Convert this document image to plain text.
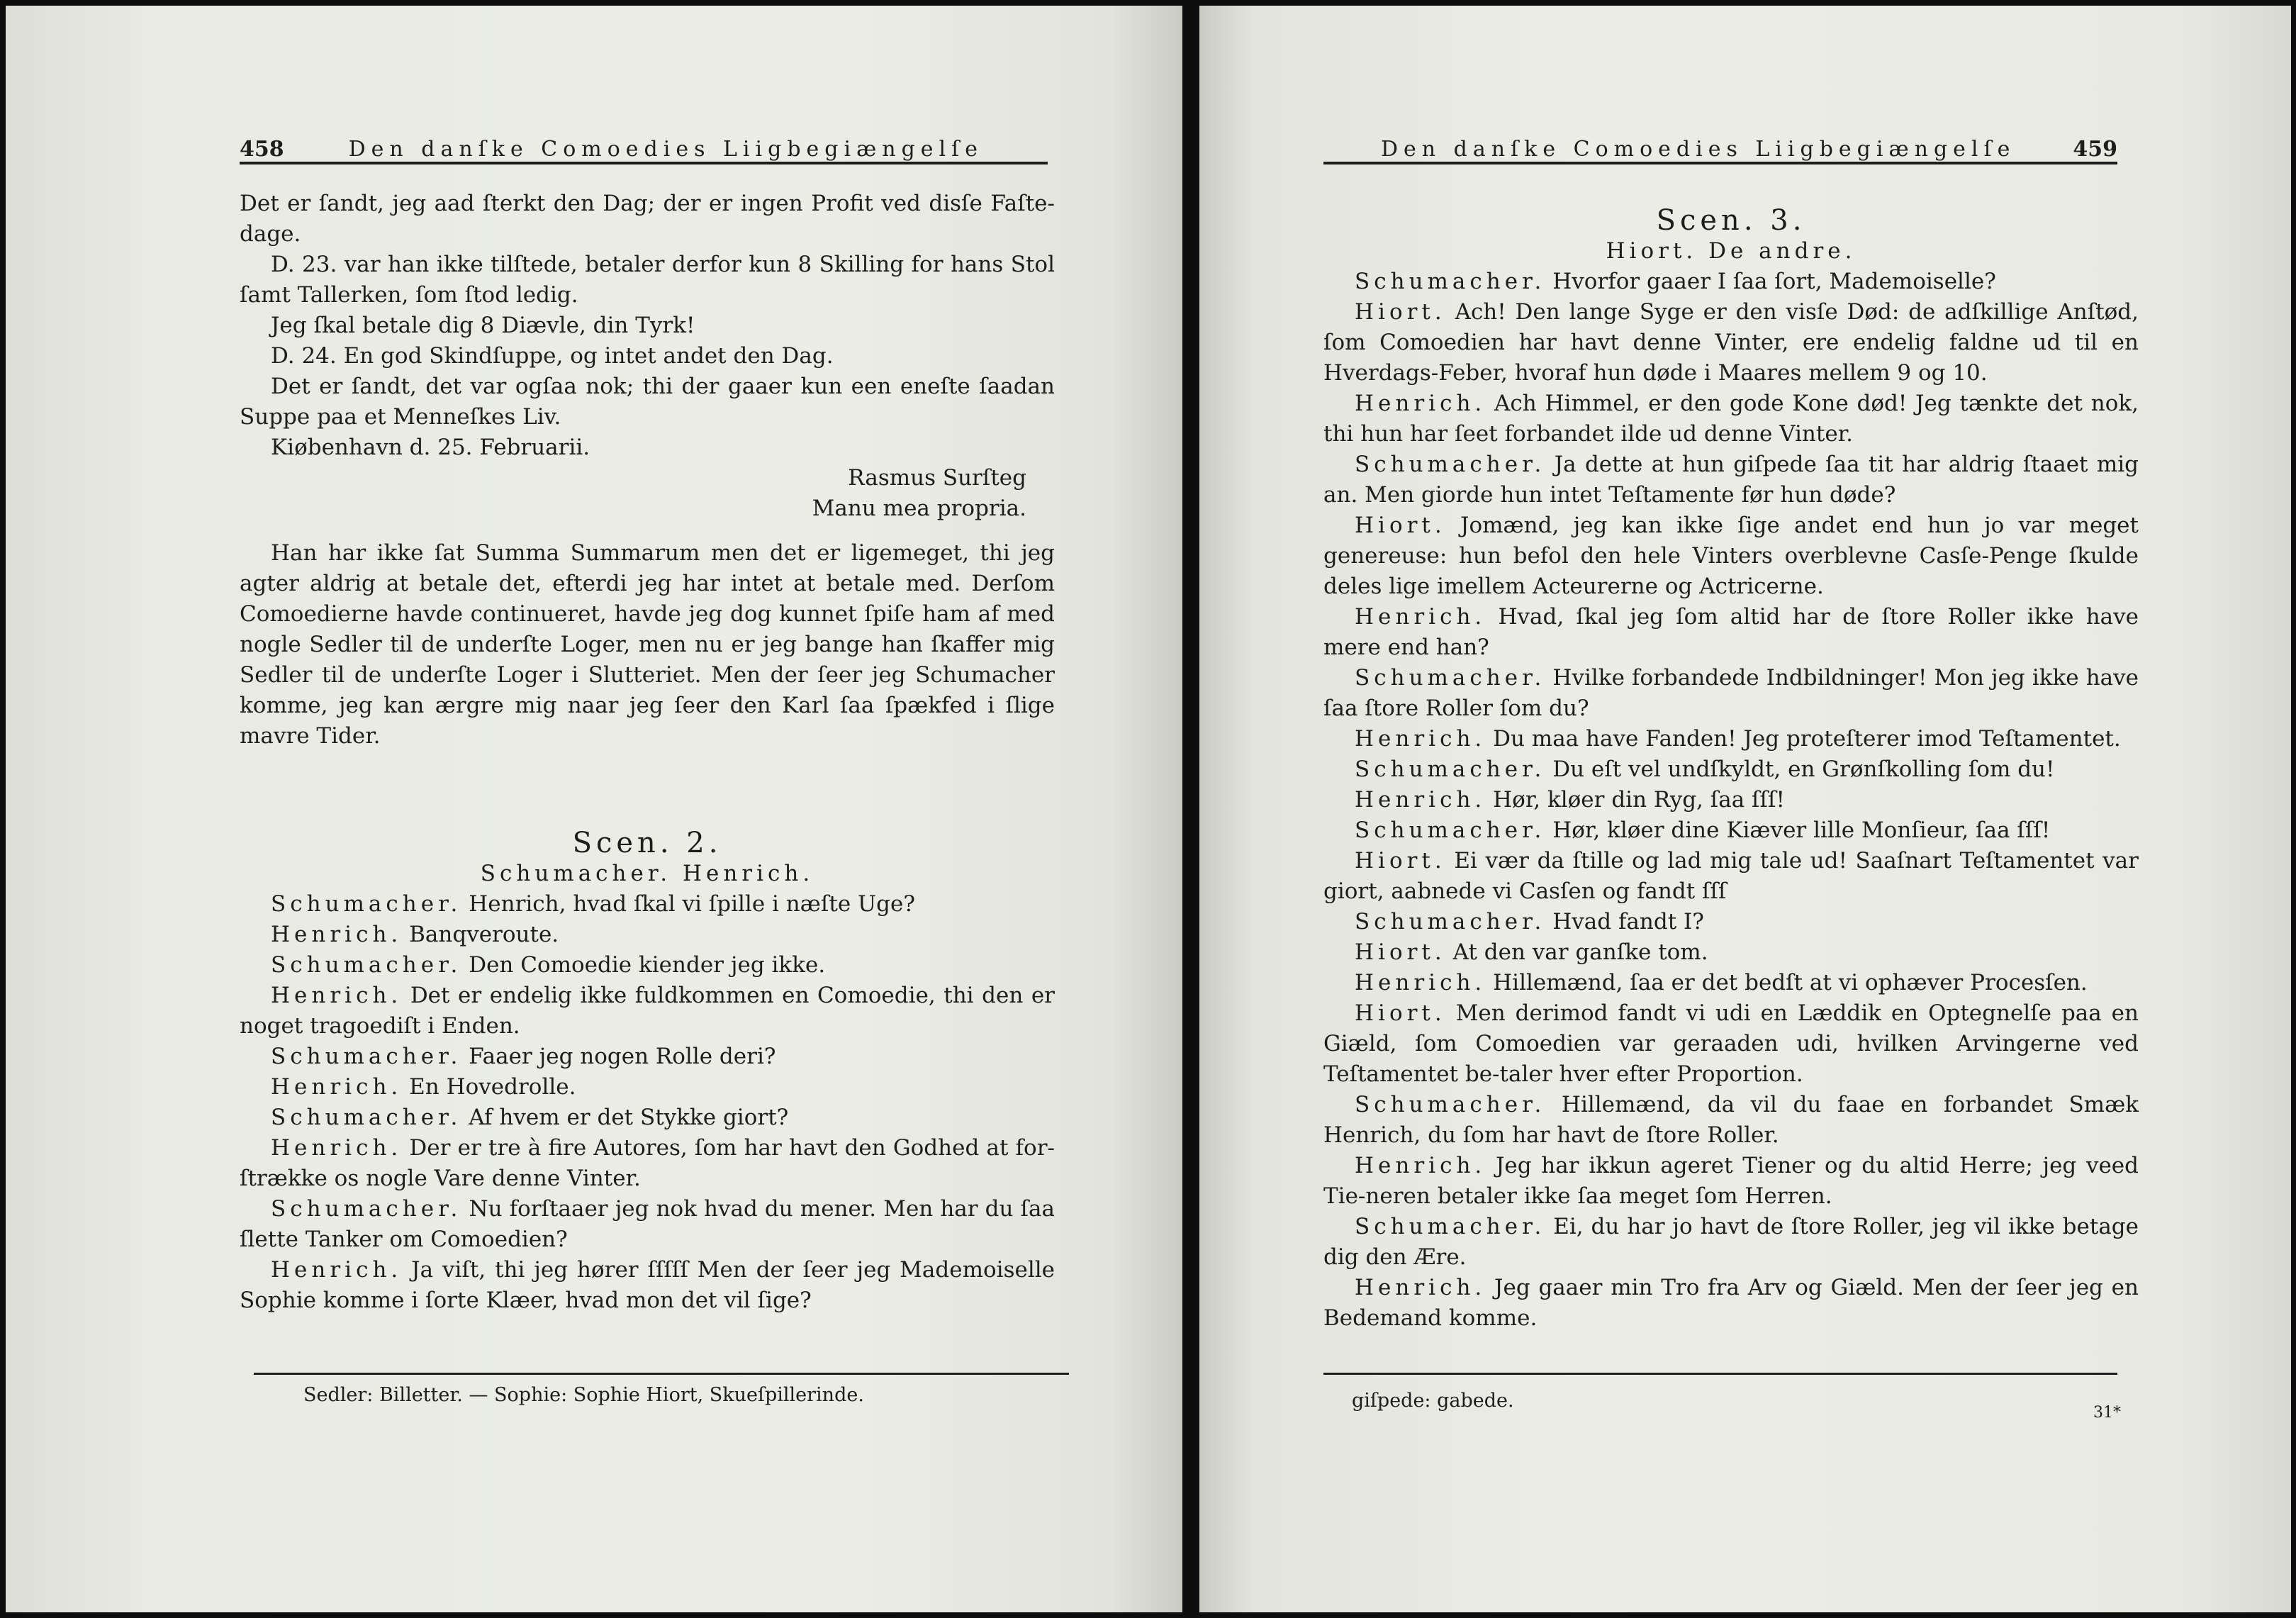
458	Den danſke Comoedies Liigbegiængelſe

Det er ſandt, jeg aad ſterkt den Dag; der er ingen Profit ved disſe Faſte-dage.

D. 23. var han ikke tilſtede, betaler derfor kun 8 Skilling for hans Stol ſamt Tallerken, ſom ſtod ledig.

Jeg ſkal betale dig 8 Diævle, din Tyrk!

D. 24. En god Skindſuppe, og intet andet den Dag.

Det er ſandt, det var ogſaa nok; thi der gaaer kun een eneſte ſaadan Suppe paa et Menneſkes Liv.

Kiøbenhavn d. 25. Februarii.

Rasmus Surſteg

Manu mea propria.

Han har ikke ſat Summa Summarum men det er ligemeget, thi jeg agter aldrig at betale det, efterdi jeg har intet at betale med. Derſom Comoedierne havde continueret, havde jeg dog kunnet ſpiſe ham af med nogle Sedler til de underſte Loger, men nu er jeg bange han ſkaffer mig Sedler til de underſte Loger i Slutteriet. Men der ſeer jeg Schumacher komme, jeg kan ærgre mig naar jeg ſeer den Karl ſaa ſpækfed i ſlige mavre Tider.

Scen. 2.

Schumacher. Henrich.

Schumacher. Henrich, hvad ſkal vi ſpille i næſte Uge?

Henrich. Banqveroute.

Schumacher. Den Comoedie kiender jeg ikke.

Henrich. Det er endelig ikke fuldkommen en Comoedie, thi den er noget tragoediſt i Enden.

Schumacher. Faaer jeg nogen Rolle deri?

Henrich. En Hovedrolle.

Schumacher. Af hvem er det Stykke giort?

Henrich. Der er tre à fire Autores, ſom har havt den Godhed at for-ſtrække os nogle Vare denne Vinter.

Schumacher. Nu forſtaaer jeg nok hvad du mener. Men har du ſaa ſlette Tanker om Comoedien?

Henrich. Ja viſt, thi jeg hører ſſſſſ Men der ſeer jeg Mademoiselle Sophie komme i ſorte Klæer, hvad mon det vil ſige?

Sedler: Billetter. — Sophie: Sophie Hiort, Skueſpillerinde.
Den danſke Comoedies Liigbegiængelſe	459

Scen. 3.

Hiort. De andre.

Schumacher. Hvorfor gaaer I ſaa ſort, Mademoiselle?

Hiort. Ach! Den lange Syge er den visſe Død: de adſkillige Anſtød, ſom Comoedien har havt denne Vinter, ere endelig faldne ud til en Hverdags-Feber, hvoraf hun døde i Maares mellem 9 og 10.

Henrich. Ach Himmel, er den gode Kone død! Jeg tænkte det nok, thi hun har ſeet forbandet ilde ud denne Vinter.

Schumacher. Ja dette at hun giſpede ſaa tit har aldrig ſtaaet mig an. Men giorde hun intet Teſtamente før hun døde?

Hiort. Jomænd, jeg kan ikke ſige andet end hun jo var meget genereuse: hun befol den hele Vinters overblevne Casſe-Penge ſkulde deles lige imellem Acteurerne og Actricerne.

Henrich. Hvad, ſkal jeg ſom altid har de ſtore Roller ikke have mere end han?

Schumacher. Hvilke forbandede Indbildninger! Mon jeg ikke have ſaa ſtore Roller ſom du?

Henrich. Du maa have Fanden! Jeg proteſterer imod Teſtamentet.

Schumacher. Du eſt vel undſkyldt, en Grønſkolling ſom du!

Henrich. Hør, kløer din Ryg, ſaa ſſſ!

Schumacher. Hør, kløer dine Kiæver lille Monſieur, ſaa ſſſ!

Hiort. Ei vær da ſtille og lad mig tale ud! Saaſnart Teſtamentet var giort, aabnede vi Casſen og fandt ſſſ

Schumacher. Hvad fandt I?

Hiort. At den var ganſke tom.

Henrich. Hillemænd, ſaa er det bedſt at vi ophæver Procesſen.

Hiort. Men derimod fandt vi udi en Læddik en Optegnelſe paa en Giæld, ſom Comoedien var geraaden udi, hvilken Arvingerne ved Teſtamentet be-taler hver efter Proportion.

Schumacher. Hillemænd, da vil du faae en forbandet Smæk Henrich, du ſom har havt de ſtore Roller.

Henrich. Jeg har ikkun ageret Tiener og du altid Herre; jeg veed Tie-neren betaler ikke ſaa meget ſom Herren.

Schumacher. Ei, du har jo havt de ſtore Roller, jeg vil ikke betage dig den Ære.

Henrich. Jeg gaaer min Tro fra Arv og Giæld. Men der ſeer jeg en Bedemand komme.

giſpede: gabede.
31*
